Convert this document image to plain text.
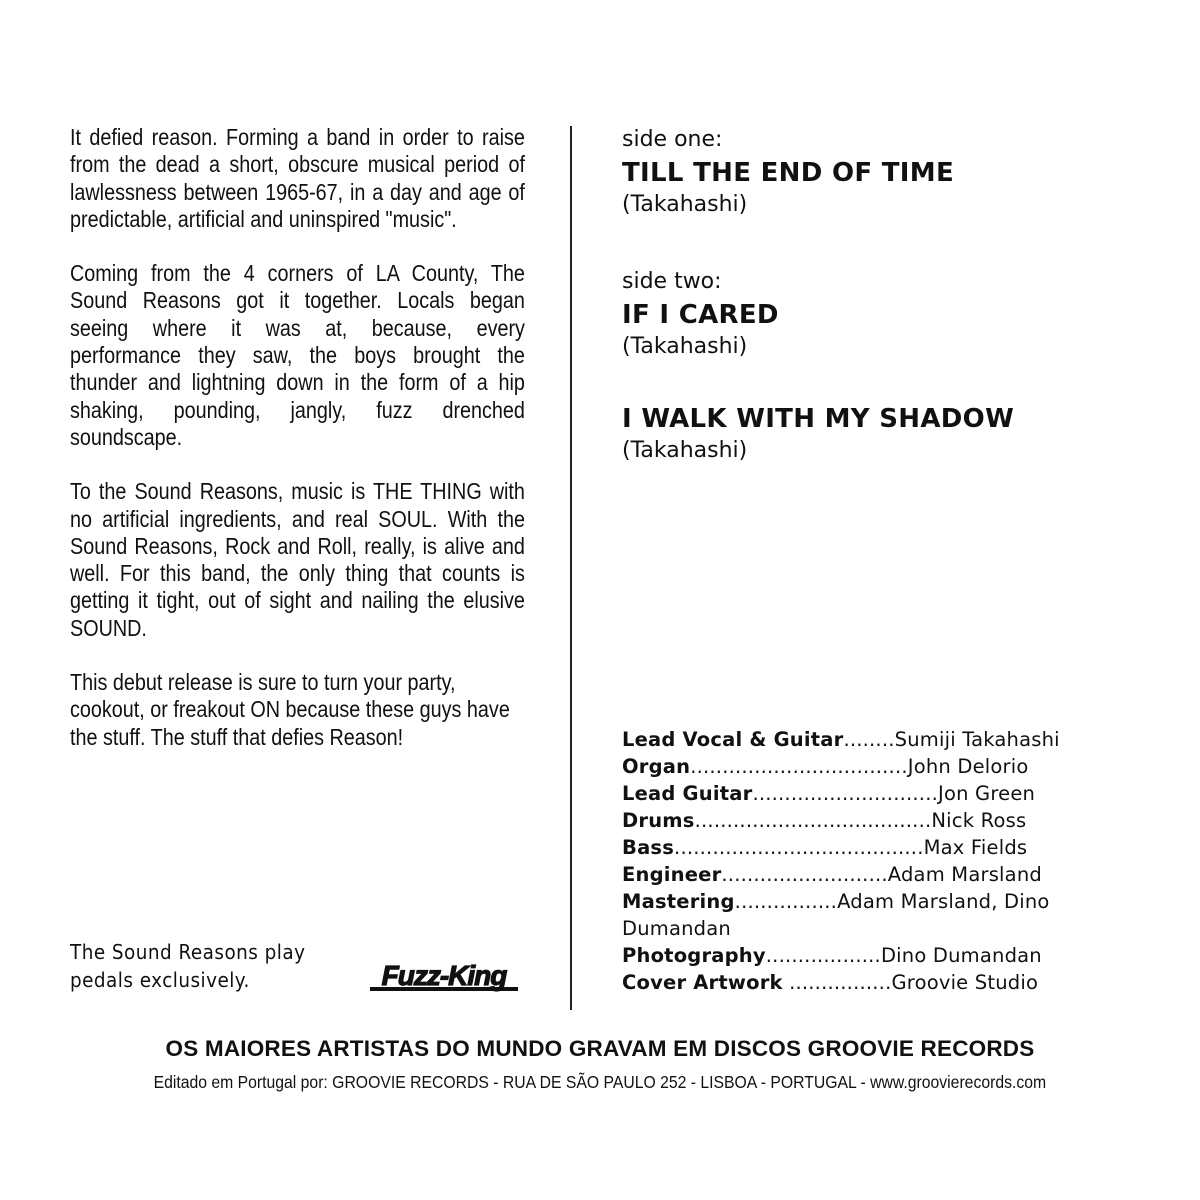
It defied reason. Forming a band in order to raise from the dead a short, obscure musical period of lawlessness between 1965-67, in a day and age of predictable, artificial and uninspired "music".

Coming from the 4 corners of LA County, The Sound Reasons got it together. Locals began seeing where it was at, because, every performance they saw, the boys brought the thunder and lightning down in the form of a hip shaking, pounding, jangly, fuzz drenched soundscape.

To the Sound Reasons, music is THE THING with no artificial ingredients, and real SOUL. With the Sound Reasons, Rock and Roll, really, is alive and well. For this band, the only thing that counts is getting it tight, out of sight and nailing the elusive SOUND.

This debut release is sure to turn your party, cookout, or freakout ON because these guys have the stuff. The stuff that defies Reason!

The Sound Reasons play
pedals exclusively.	Fuzz-King

side one:

TILL THE END OF TIME

(Takahashi)

side two:

IF I CARED

(Takahashi)

I WALK WITH MY SHADOW

(Takahashi)

Lead Vocal & Guitar........Sumiji Takahashi
Organ..................................John Delorio
Lead Guitar.............................Jon Green
Drums.....................................Nick Ross
Bass.......................................Max Fields
Engineer..........................Adam Marsland
Mastering................Adam Marsland, Dino
Dumandan
Photography..................Dino Dumandan
Cover Artwork ................Groovie Studio
OS MAIORES ARTISTAS DO MUNDO GRAVAM EM DISCOS GROOVIE RECORDS
Editado em Portugal por: GROOVIE RECORDS - RUA DE SÃO PAULO 252 - LISBOA - PORTUGAL - www.groovierecords.com
